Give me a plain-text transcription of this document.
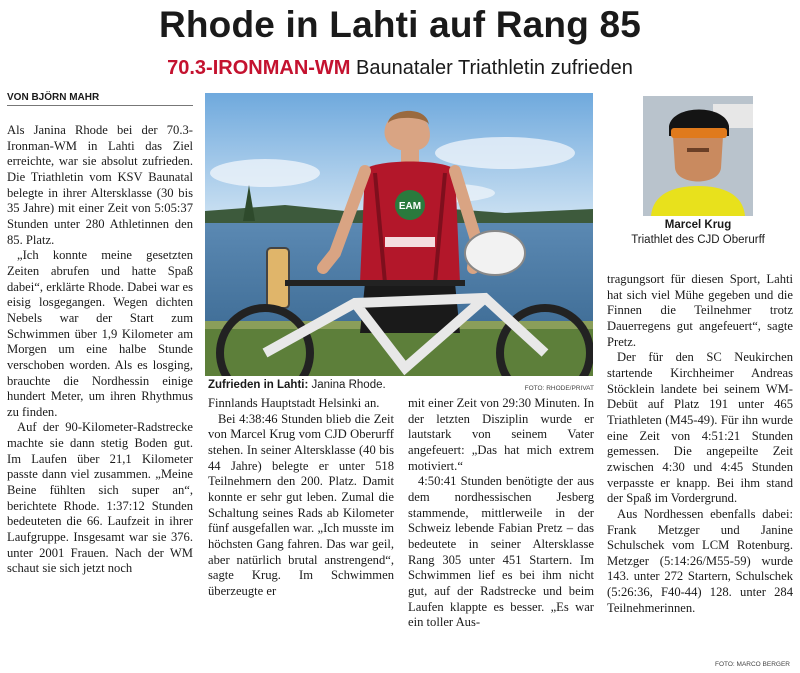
Rhode in Lahti auf Rang 85
70.3-IRONMAN-WM Baunataler Triathletin zufrieden
VON BJÖRN MAHR

Als Janina Rhode bei der 70.3-Ironman-WM in Lahti das Ziel erreichte, war sie absolut zufrieden. Die Triathletin vom KSV Baunatal belegte in ihrer Altersklasse (30 bis 35 Jahre) mit einer Zeit von 5:05:37 Stunden unter 280 Athletinnen den 85. Platz.

„Ich konnte meine gesetzten Zeiten abrufen und hatte Spaß dabei“, erklärte Rhode. Dabei war es eisig losgegangen. Wegen dichten Nebels war der Start zum Schwimmen über 1,9 Kilometer am Morgen um eine halbe Stunde verschoben worden. Als es losging, brauchte die Nordhessin einige hundert Meter, um ihren Rhythmus zu finden.

Auf der 90-Kilometer-Radstrecke machte sie dann stetig Boden gut. Im Laufen über 21,1 Kilometer passte dann viel zusammen. „Meine Beine fühlten sich super an“, berichtete Rhode. 1:37:12 Stunden bedeuteten die 66. Laufzeit in ihrer Laufgruppe. Insgesamt war sie 376. unter 2001 Frauen. Nach der WM schaut sie sich jetzt noch

EAM
Zufrieden in Lahti: Janina Rhode.	FOTO: RHODE/PRIVAT
Marcel Krug
Triathlet des CJD Oberurff

Finnlands Hauptstadt Helsinki an.

Bei 4:38:46 Stunden blieb die Zeit von Marcel Krug vom CJD Oberurff stehen. In seiner Altersklasse (40 bis 44 Jahre) belegte er unter 518 Teilnehmern den 200. Platz. Damit konnte er sehr gut leben. Zumal die Schaltung seines Rads ab Kilometer fünf ausgefallen war. „Ich musste im höchsten Gang fahren. Das war geil, aber natürlich brutal anstrengend“, sagte Krug. Im Schwimmen überzeugte er

mit einer Zeit von 29:30 Minuten. In der letzten Disziplin wurde er lautstark von seinem Vater angefeuert: „Das hat mich extrem motiviert.“

4:50:41 Stunden benötigte der aus dem nordhessischen Jesberg stammende, mittlerweile in der Schweiz lebende Fabian Pretz – das bedeutete in seiner Altersklasse Rang 305 unter 451 Startern. Im Schwimmen lief es bei ihm nicht gut, auf der Radstrecke und beim Laufen klappte es besser. „Es war ein toller Aus-

tragungsort für diesen Sport, Lahti hat sich viel Mühe gegeben und die Finnen die Teilnehmer trotz Dauerregens gut angefeuert“, sagte Pretz.

Der für den SC Neukirchen startende Kirchheimer Andreas Stöcklein landete bei seinem WM-Debüt auf Platz 191 unter 465 Triathleten (M45-49). Für ihn wurde eine Zeit von 4:51:21 Stunden gemessen. Die angepeilte Zeit zwischen 4:30 und 4:45 Stunden verpasste er knapp. Bei ihm stand der Spaß im Vordergrund.

Aus Nordhessen ebenfalls dabei: Frank Metzger und Janine Schulschek vom LCM Rotenburg. Metzger (5:14:26/M55-59) wurde 143. unter 272 Startern, Schulschek (5:26:36, F40-44) 128. unter 284 Teilnehmerinnen.

FOTO: MARCO BERGER
